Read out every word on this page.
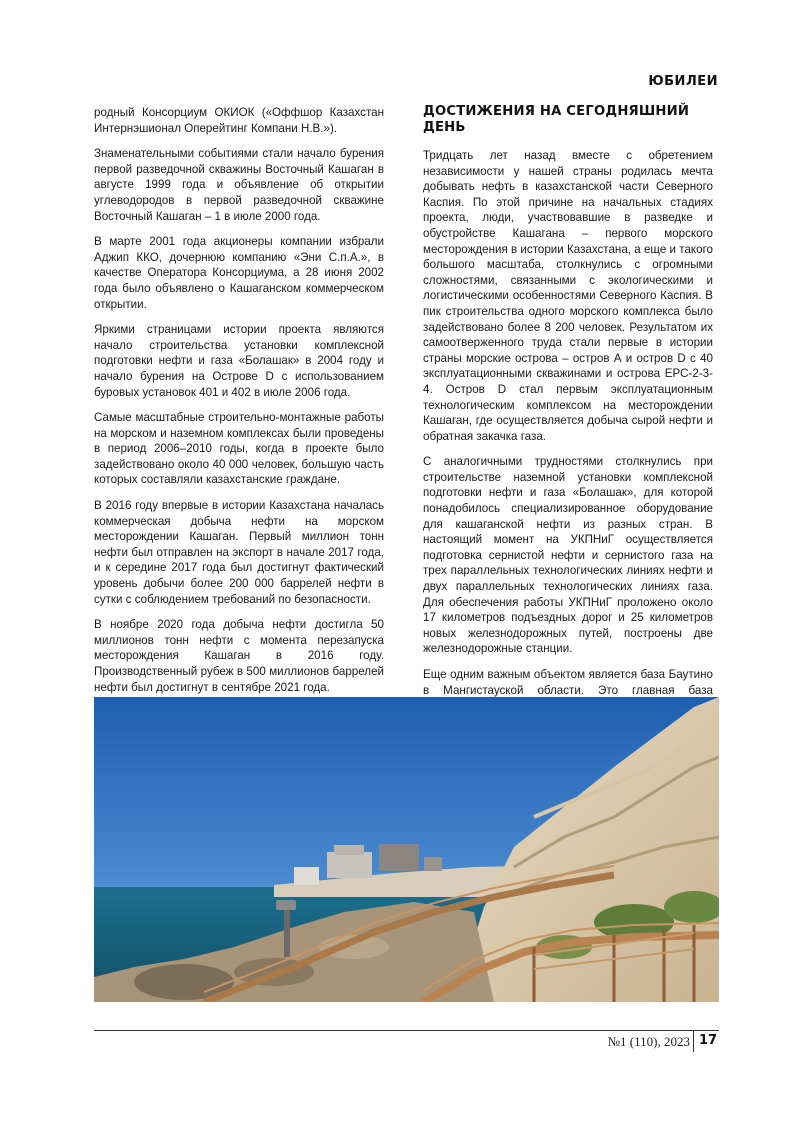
ЮБИЛЕИ

родный Консорциум ОКИОК («Оффшор Казахстан Интернэшионал Оперейтинг Компани Н.В.»).

Знаменательными событиями стали начало бурения первой разведочной скважины Восточный Кашаган в августе 1999 года и объявление об открытии углеводородов в первой разведочной скважине Восточный Кашаган – 1 в июле 2000 года.

В марте 2001 года акционеры компании избрали Аджип ККО, дочернюю компанию «Эни С.п.А.», в качестве Оператора Консорциума, а 28 июня 2002 года было объявлено о Кашаганском коммерческом открытии.

Яркими страницами истории проекта являются начало строительства установки комплексной подготовки нефти и газа «Болашак» в 2004 году и начало бурения на Острове D с использованием буровых установок 401 и 402 в июле 2006 года.

Самые масштабные строительно-монтажные работы на морском и наземном комплексах были проведены в период 2006–2010 годы, когда в проекте было задействовано около 40 000 человек, большую часть которых составляли казахстанские граждане.

В 2016 году впервые в истории Казахстана началась коммерческая добыча нефти на морском месторождении Кашаган. Первый миллион тонн нефти был отправлен на экспорт в начале 2017 года, и к середине 2017 года был достигнут фактический уровень добычи более 200 000 баррелей нефти в сутки с соблюдением требований по безопасности.

В ноябре 2020 года добыча нефти достигла 50 миллионов тонн нефти с момента перезапуска месторождения Кашаган в 2016 году. Производственный рубеж в 500 миллионов баррелей нефти был достигнут в сентябре 2021 года.

ДОСТИЖЕНИЯ НА СЕГОДНЯШНИЙ ДЕНЬ

Тридцать лет назад вместе с обретением независимости у нашей страны родилась мечта добывать нефть в казахстанской части Северного Каспия. По этой причине на начальных стадиях проекта, люди, участвовавшие в разведке и обустройстве Кашагана – первого морского месторождения в истории Казахстана, а еще и такого большого масштаба, столкнулись с огромными сложностями, связанными с экологическими и логистическими особенностями Северного Каспия. В пик строительства одного морского комплекса было задействовано более 8 200 человек. Результатом их самоотверженного труда стали первые в истории страны морские острова – остров А и остров D с 40 эксплуатационными скважинами и острова ЕРС-2-3-4. Остров D стал первым эксплуатационным технологическим комплексом на месторождении Кашаган, где осуществляется добыча сырой нефти и обратная закачка газа.

С аналогичными трудностями столкнулись при строительстве наземной установки комплексной подготовки нефти и газа «Болашак», для которой понадобилось специализированное оборудование для кашаганской нефти из разных стран. В настоящий момент на УКПНиГ осуществляется подготовка сернистой нефти и сернистого газа на трех параллельных технологических линиях нефти и двух параллельных технологических линиях газа. Для обеспечения работы УКПНиГ проложено около 17 километров подъездных дорог и 25 километров новых железнодорожных путей, построены две железнодорожные станции.

Еще одним важным объектом является база Баутино в Мангистауской области. Это главная база

№1 (110), 2023 17
